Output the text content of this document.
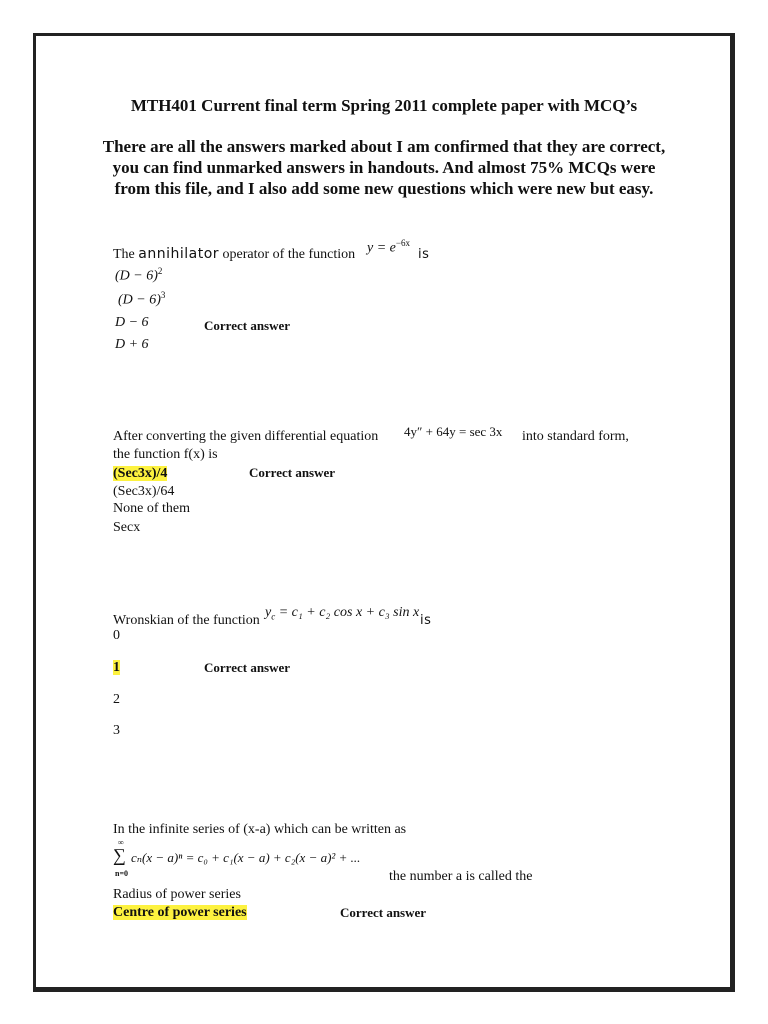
MTH401 Current final term Spring 2011 complete paper with MCQ’s
There are all the answers marked about I am confirmed that they are correct, you can find unmarked answers in handouts. And almost 75% MCQs were from this file, and I also add some new questions which were new but easy.
The annihilator operator of the function $y = e^{-6x}$
is
$(D - 6)^2$
$(D - 6)^3$
D − 6	Correct answer
D + 6
After converting the given differential equation 4y″ + 64y = sec 3x into standard form,
the function f(x) is
(Sec3x)/4	Correct answer
(Sec3x)/64
None of them
Secx
Wronskian of the function
$y_c = c_1 + c_2$ cos x + c₃ sin x
is
0
1	Correct answer
2
3
In the infinite series of (x-a) which can be written as
∞
∑
n=0
cₙ(x − a)ⁿ = c₀ + c₁(x − a) + c₂(x − a)² + ...
the number a is called the
Radius of power series
Centre of power series	Correct answer
